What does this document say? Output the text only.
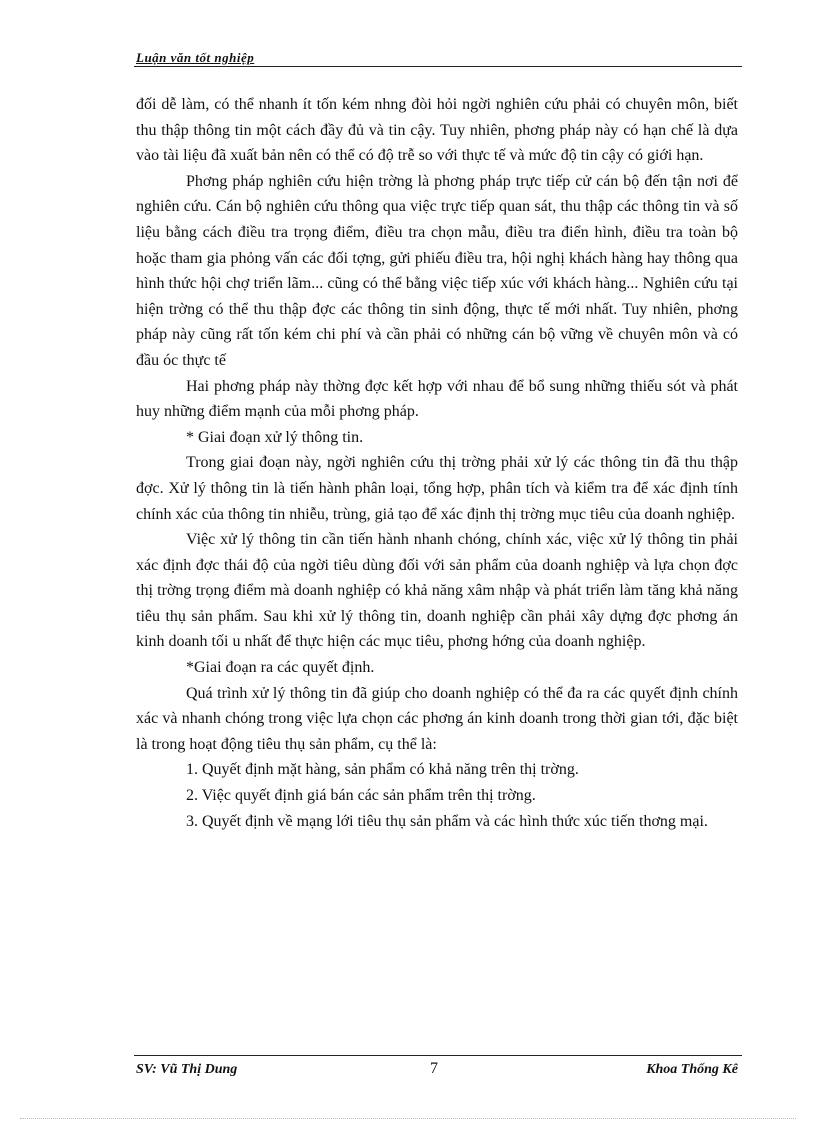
Luận văn tốt nghiệp

đối dễ làm, có thể nhanh ít tốn kém nhng đòi hỏi ngời nghiên cứu phải có chuyên môn, biết thu thập thông tin một cách đầy đủ và tin cậy. Tuy nhiên, phơng pháp này có hạn chế là dựa vào tài liệu đã xuất bản nên có thể có độ trễ so với thực tế và mức độ tin cậy có giới hạn.

Phơng pháp nghiên cứu hiện trờng là phơng pháp trực tiếp cử cán bộ đến tận nơi để nghiên cứu. Cán bộ nghiên cứu thông qua việc trực tiếp quan sát, thu thập các thông tin và số liệu bằng cách điều tra trọng điểm, điều tra chọn mẫu, điều tra điển hình, điều tra toàn bộ hoặc tham gia phỏng vấn các đối tợng, gửi phiếu điều tra, hội nghị khách hàng hay thông qua hình thức hội chợ triển lãm... cũng có thể bằng việc tiếp xúc với khách hàng... Nghiên cứu tại hiện trờng có thể thu thập đợc các thông tin sinh động, thực tế mới nhất. Tuy nhiên, phơng pháp này cũng rất tốn kém chi phí và cần phải có những cán bộ vững về chuyên môn và có đầu óc thực tế

Hai phơng pháp này thờng đợc kết hợp với nhau để bổ sung những thiếu sót và phát huy những điểm mạnh của mỗi phơng pháp.

* Giai đoạn xử lý thông tin.

Trong giai đoạn này, ngời nghiên cứu thị trờng phải xử lý các thông tin đã thu thập đợc. Xử lý thông tin là tiến hành phân loại, tổng hợp, phân tích và kiểm tra để xác định tính chính xác của thông tin nhiễu, trùng, giả tạo để xác định thị trờng mục tiêu của doanh nghiệp.

Việc xử lý thông tin cần tiến hành nhanh chóng, chính xác, việc xử lý thông tin phải xác định đợc thái độ của ngời tiêu dùng đối với sản phẩm của doanh nghiệp và lựa chọn đợc thị trờng trọng điểm mà doanh nghiệp có khả năng xâm nhập và phát triển làm tăng khả năng tiêu thụ sản phẩm. Sau khi xử lý thông tin, doanh nghiệp cần phải xây dựng đợc phơng án kinh doanh tối u nhất để thực hiện các mục tiêu, phơng hớng của doanh nghiệp.

*Giai đoạn ra các quyết định.

Quá trình xử lý thông tin đã giúp cho doanh nghiệp có thể đa ra các quyết định chính xác và nhanh chóng trong việc lựa chọn các phơng án kinh doanh trong thời gian tới, đặc biệt là trong hoạt động tiêu thụ sản phẩm, cụ thể là:

1. Quyết định mặt hàng, sản phẩm có khả năng trên thị trờng.

2. Việc quyết định giá bán các sản phẩm trên thị trờng.

3. Quyết định về mạng lới tiêu thụ sản phẩm và các hình thức xúc tiến thơng mại.

SV: Vũ Thị Dung	7	Khoa Thống Kê
